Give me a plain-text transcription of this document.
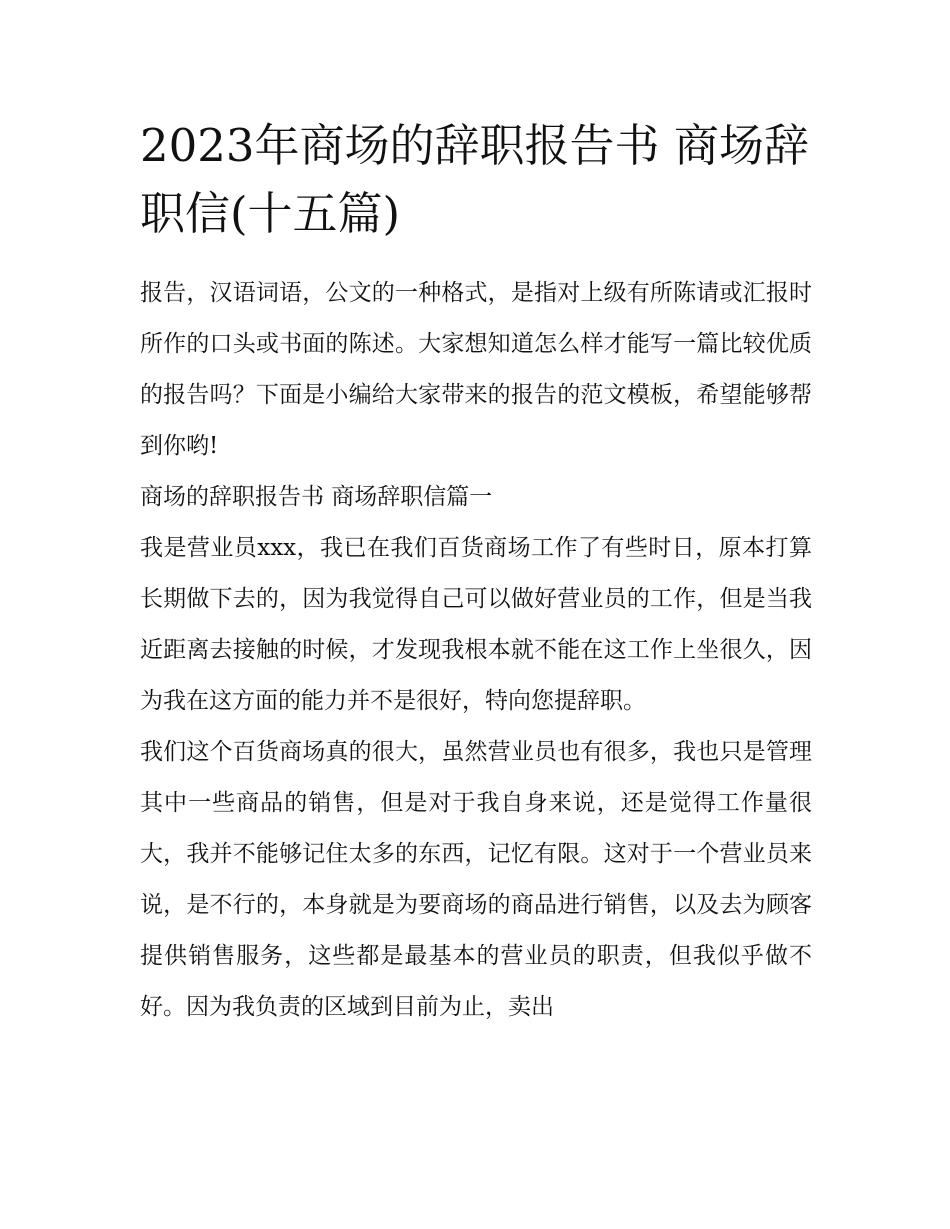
2023年商场的辞职报告书 商场辞职信(十五篇)

报告，汉语词语，公文的一种格式，是指对上级有所陈请或汇报时所作的口头或书面的陈述。大家想知道怎么样才能写一篇比较优质的报告吗？下面是小编给大家带来的报告的范文模板，希望能够帮到你哟!

商场的辞职报告书 商场辞职信篇一

我是营业员xxx，我已在我们百货商场工作了有些时日，原本打算长期做下去的，因为我觉得自己可以做好营业员的工作，但是当我近距离去接触的时候，才发现我根本就不能在这工作上坐很久，因为我在这方面的能力并不是很好，特向您提辞职。

我们这个百货商场真的很大，虽然营业员也有很多，我也只是管理其中一些商品的销售，但是对于我自身来说，还是觉得工作量很大，我并不能够记住太多的东西，记忆有限。这对于一个营业员来说，是不行的，本身就是为要商场的商品进行销售，以及去为顾客提供销售服务，这些都是最基本的营业员的职责，但我似乎做不好。因为我负责的区域到目前为止，卖出
